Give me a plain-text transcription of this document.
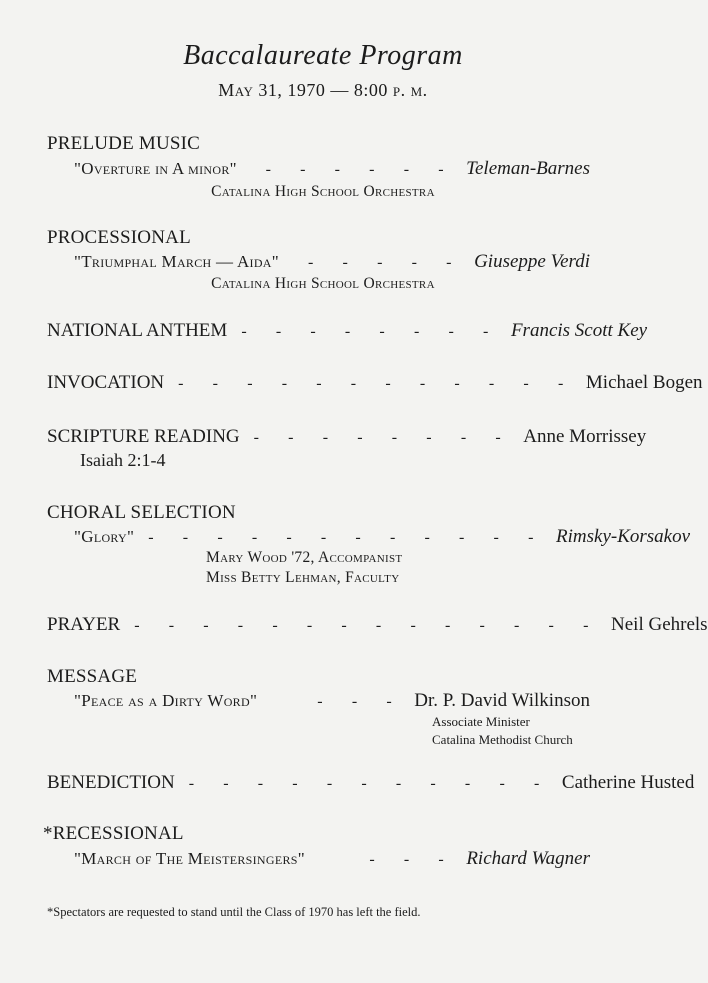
Baccalaureate Program
May 31, 1970 — 8:00 p. m.
PRELUDE MUSIC
"Overture in A minor"	- - - - - - Teleman-Barnes
Catalina High School Orchestra
PROCESSIONAL
"Triumphal March — Aida"	- - - - - Giuseppe Verdi
Catalina High School Orchestra
NATIONAL ANTHEM - - - - - - - - Francis Scott Key
INVOCATION - - - - - - - - - - - - Michael Bogen
SCRIPTURE READING - - - - - - - - Anne Morrissey
Isaiah 2:1-4
CHORAL SELECTION
"Glory" - - - - - - - - - - - - Rimsky-Korsakov
Mary Wood '72, Accompanist
Miss Betty Lehman, Faculty
PRAYER - - - - - - - - - - - - - - Neil Gehrels
MESSAGE
"Peace as a Dirty Word"	- - - Dr. P. David Wilkinson
Associate Minister
Catalina Methodist Church
BENEDICTION - - - - - - - - - - - Catherine Husted
*RECESSIONAL
"March of The Meistersingers"	- - - Richard Wagner
*Spectators are requested to stand until the Class of 1970 has left the field.
